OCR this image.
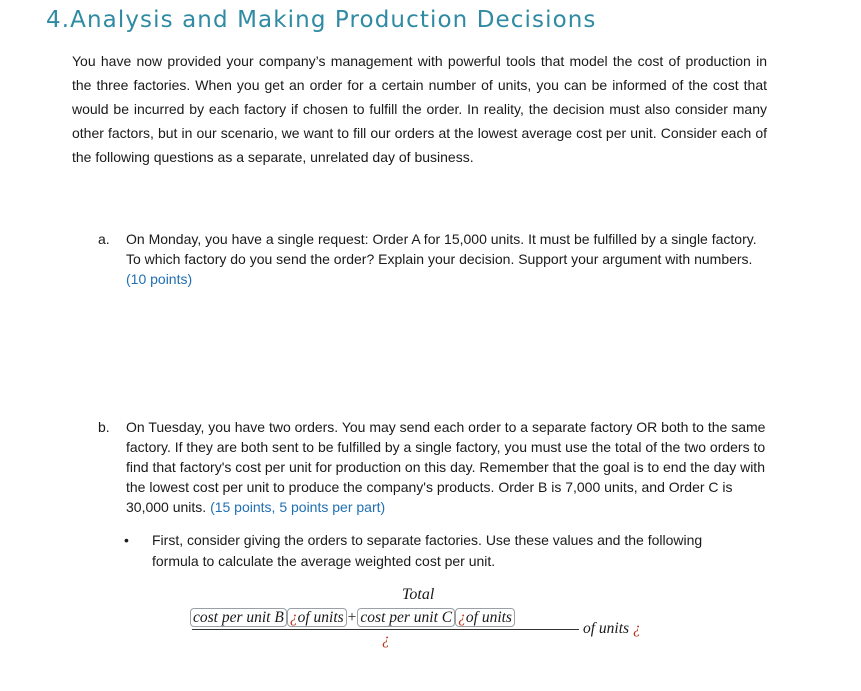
4.Analysis and Making Production Decisions

You have now provided your company’s management with powerful tools that model the cost of production in the three factories. When you get an order for a certain number of units, you can be informed of the cost that would be incurred by each factory if chosen to fulfill the order. In reality, the decision must also consider many other factors, but in our scenario, we want to fill our orders at the lowest average cost per unit. Consider each of the following questions as a separate, unrelated day of business.

a. On Monday, you have a single request: Order A for 15,000 units. It must be fulfilled by a single factory. To which factory do you send the order? Explain your decision. Support your argument with numbers. (10 points)
b. On Tuesday, you have two orders. You may send each order to a separate factory OR both to the same factory. If they are both sent to be fulfilled by a single factory, you must use the total of the two orders to find that factory's cost per unit for production on this day. Remember that the goal is to end the day with the lowest cost per unit to produce the company's products. Order B is 7,000 units, and Order C is 30,000 units. (15 points, 5 points per part)
• First, consider giving the orders to separate factories. Use these values and the following formula to calculate the average weighted cost per unit.
Total
cost per unit B ¿of units + cost per unit C ¿of units
¿
of units ¿
